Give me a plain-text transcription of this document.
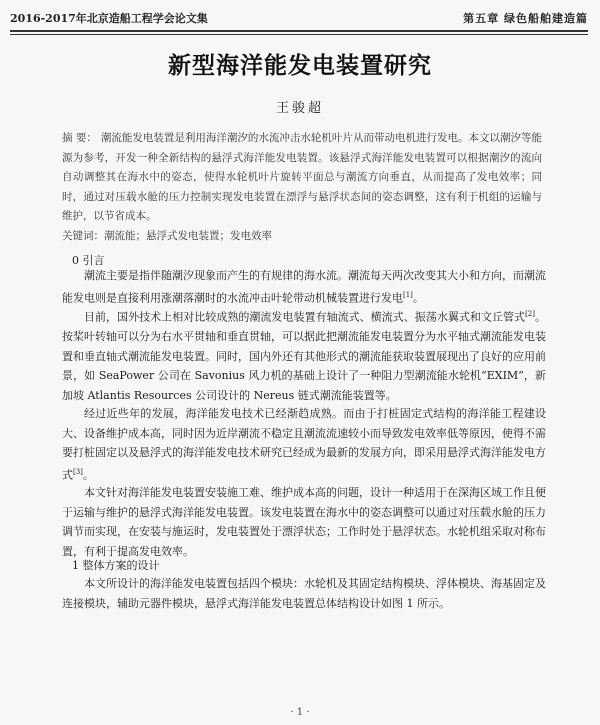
2016-2017年北京造船工程学会论文集	第五章 绿色船舶建造篇
新型海洋能发电装置研究
王骏超
摘 要： 潮流能发电装置是利用海洋潮汐的水流冲击水轮机叶片从而带动电机进行发电。本文以潮汐等能源为参考，开发一种全新结构的悬浮式海洋能发电装置。该悬浮式海洋能发电装置可以根据潮汐的流向自动调整其在海水中的姿态，使得水轮机叶片旋转平面总与潮流方向垂直，从而提高了发电效率；同时，通过对压载水舱的压力控制实现发电装置在漂浮与悬浮状态间的姿态调整，这有利于机组的运输与维护，以节省成本。
关键词：潮流能；悬浮式发电装置；发电效率
0 引言
潮流主要是指伴随潮汐现象而产生的有规律的海水流。潮流每天两次改变其大小和方向，而潮流能发电则是直接利用涨潮落潮时的水流冲击叶轮带动机械装置进行发电[1]。
目前，国外技术上相对比较成熟的潮流发电装置有轴流式、横流式、振荡水翼式和文丘管式[2]。按桨叶转轴可以分为右水平贯轴和垂直贯轴，可以据此把潮流能发电装置分为水平轴式潮流能发电装置和垂直轴式潮流能发电装置。同时，国内外还有其他形式的潮流能获取装置展现出了良好的应用前景，如 SeaPower 公司在 Savonius 风力机的基础上设计了一种阻力型潮流能水轮机“EXIM”，新加坡 Atlantis Resources 公司设计的 Nereus 链式潮流能装置等。
经过近些年的发展，海洋能发电技术已经渐趋成熟。而由于打桩固定式结构的海洋能工程建设大、设备维护成本高，同时因为近岸潮流不稳定且潮流流速较小而导致发电效率低等原因，使得不需要打桩固定以及悬浮式的海洋能发电技术研究已经成为最新的发展方向，即采用悬浮式海洋能发电方式[3]。
本文针对海洋能发电装置安装施工难、维护成本高的问题，设计一种适用于在深海区域工作且便于运输与维护的悬浮式海洋能发电装置。该发电装置在海水中的姿态调整可以通过对压载水舱的压力调节而实现，在安装与施运时，发电装置处于漂浮状态；工作时处于悬浮状态。水轮机组采取对称布置，有利于提高发电效率。
1 整体方案的设计
本文所设计的海洋能发电装置包括四个模块：水轮机及其固定结构模块、浮体模块、海基固定及连接模块，辅助元器件模块，悬浮式海洋能发电装置总体结构设计如图 1 所示。
· 1 ·
